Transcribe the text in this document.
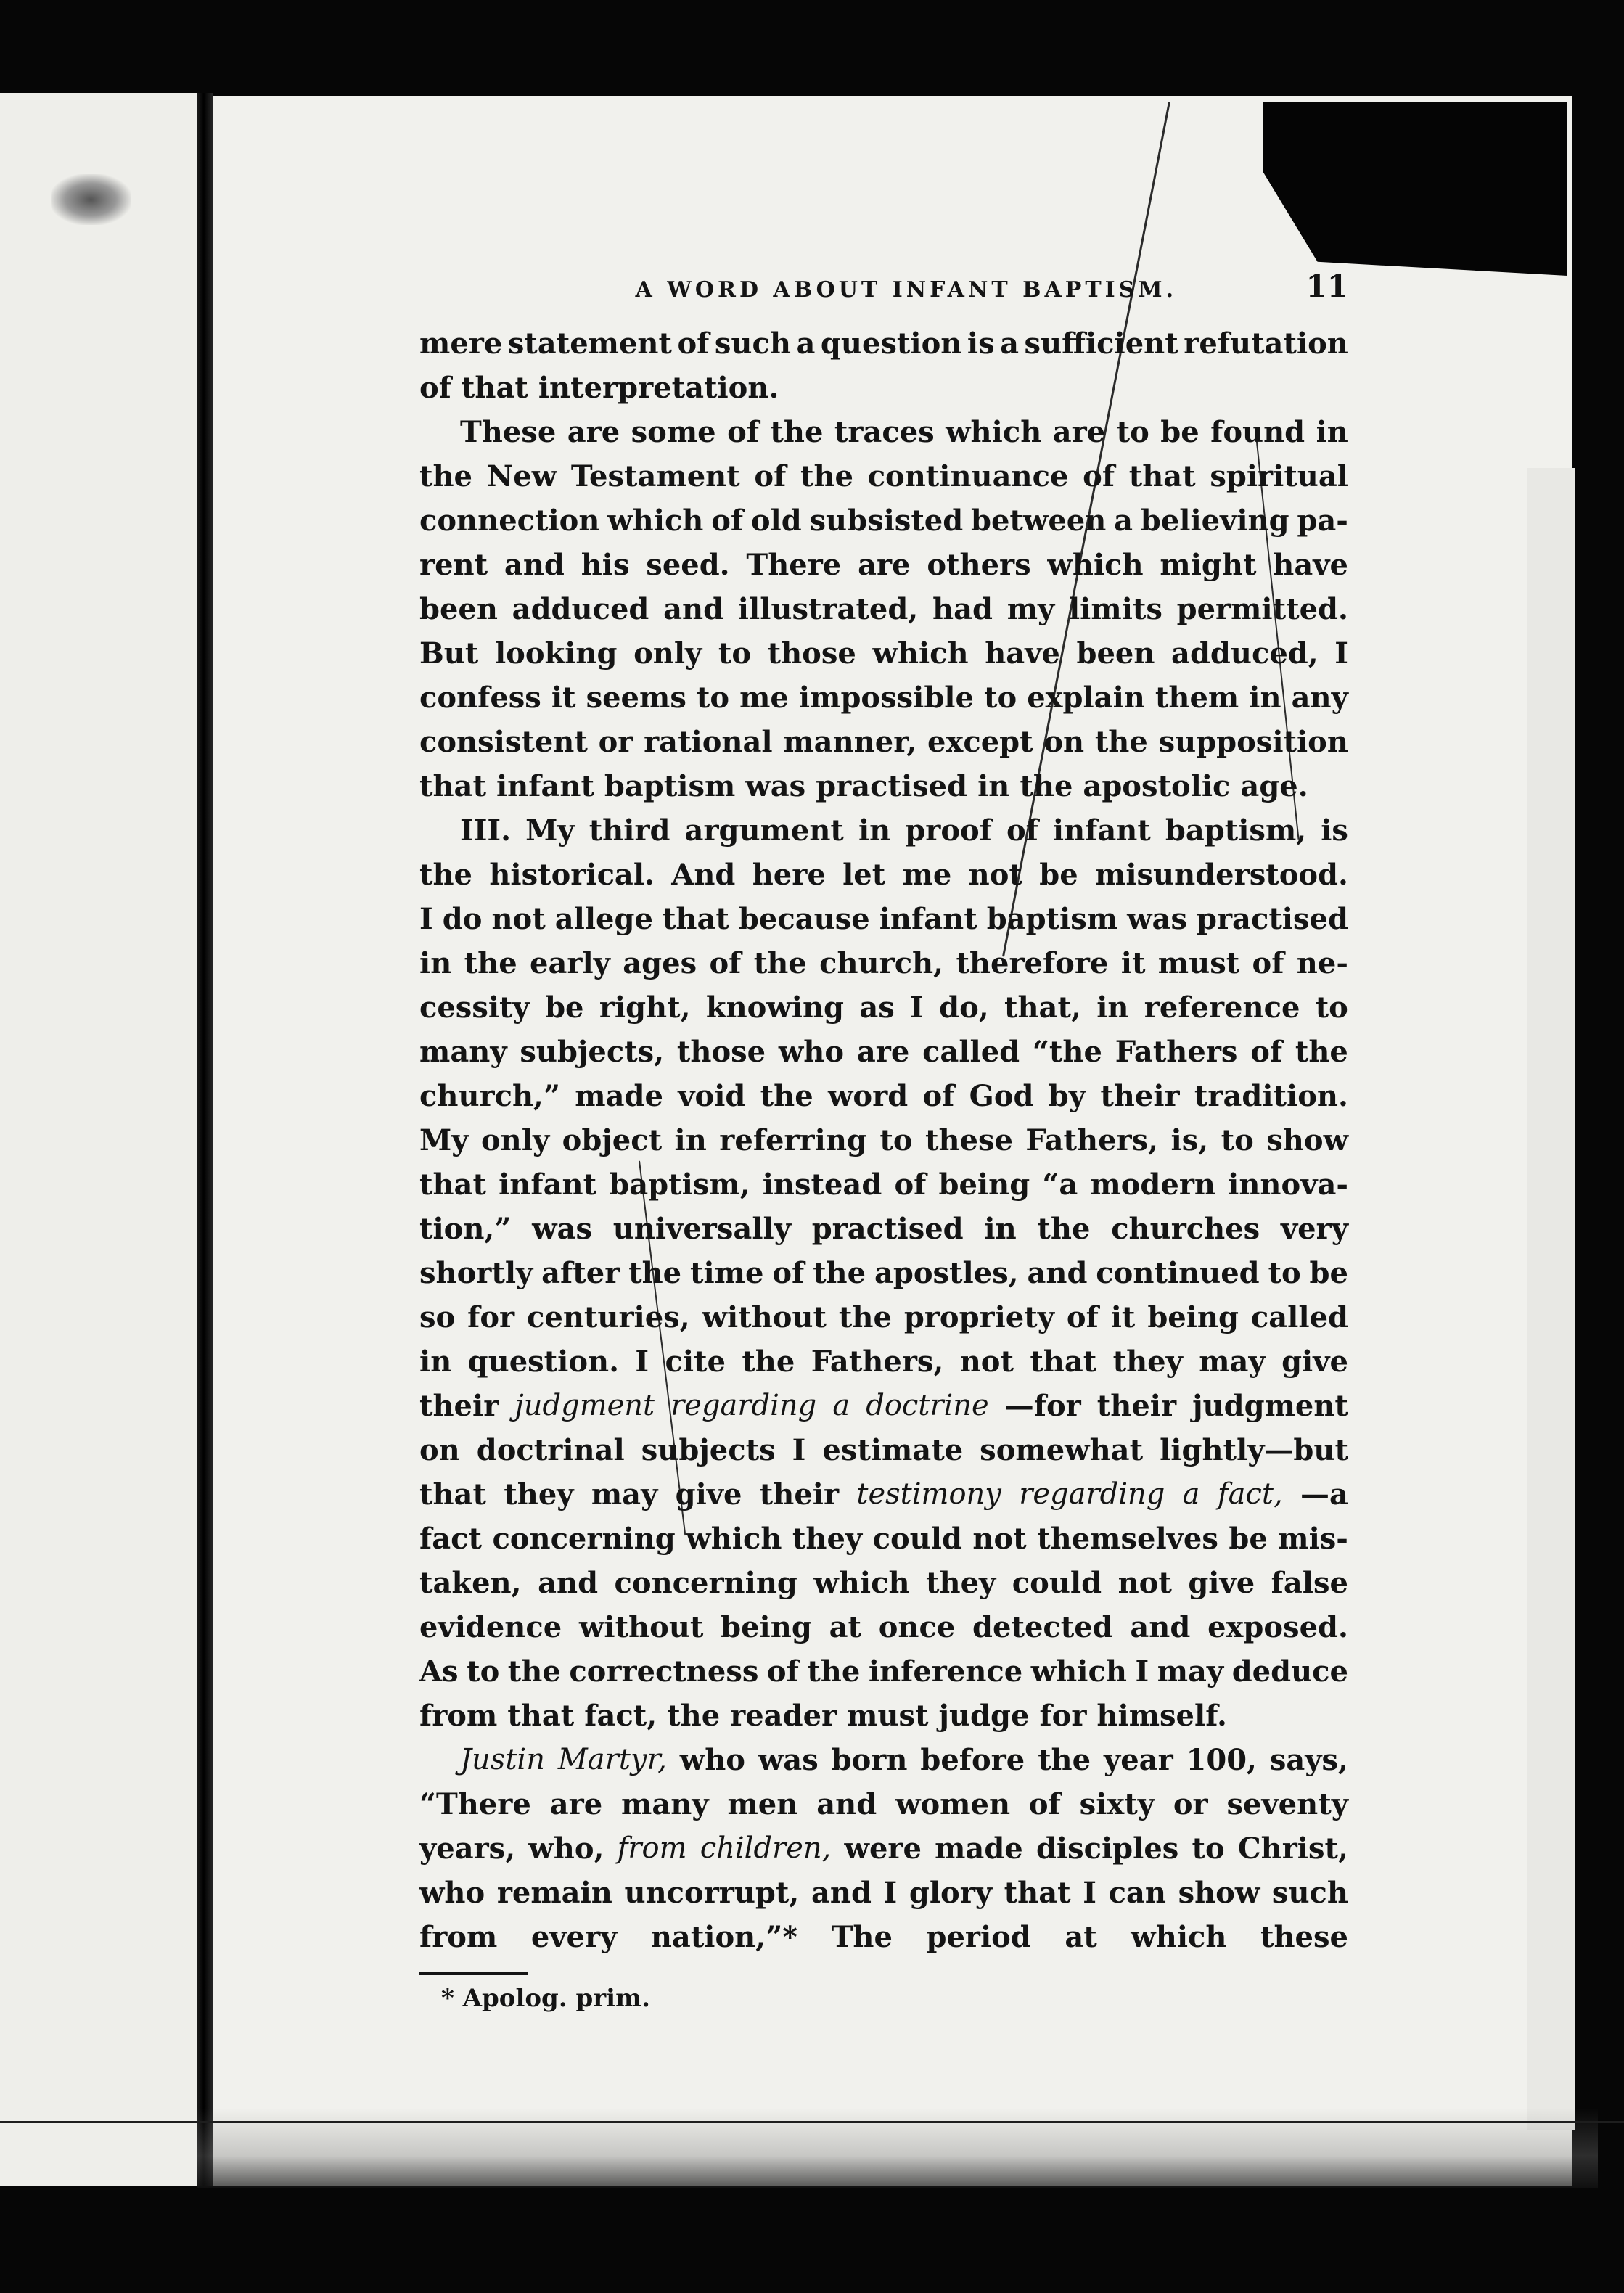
A WORD ABOUT INFANT BAPTISM.	11
mere statement of such a question is a sufficient refutation
of that interpretation.
These are some of the traces which are to be found in
the New Testament of the continuance of that spiritual
connection which of old subsisted between a believing pa-
rent and his seed. There are others which might have
been adduced and illustrated, had my limits permitted.
But looking only to those which have been adduced, I
confess it seems to me impossible to explain them in any
consistent or rational manner, except on the supposition
that infant baptism was practised in the apostolic age.
III. My third argument in proof of infant baptism, is
the historical. And here let me not be misunderstood.
I do not allege that because infant baptism was practised
in the early ages of the church, therefore it must of ne-
cessity be right, knowing as I do, that, in reference to
many subjects, those who are called “the Fathers of the
church,” made void the word of God by their tradition.
My only object in referring to these Fathers, is, to show
that infant baptism, instead of being “a modern innova-
tion,” was universally practised in the churches very
shortly after the time of the apostles, and continued to be
so for centuries, without the propriety of it being called
in question. I cite the Fathers, not that they may give
their judgment regarding a doctrine —for their judgment
on doctrinal subjects I estimate somewhat lightly—but
that they may give their testimony regarding a fact, —a
fact concerning which they could not themselves be mis-
taken, and concerning which they could not give false
evidence without being at once detected and exposed.
As to the correctness of the inference which I may deduce
from that fact, the reader must judge for himself.
Justin Martyr, who was born before the year 100, says,
“There are many men and women of sixty or seventy
years, who, from children, were made disciples to Christ,
who remain uncorrupt, and I glory that I can show such
from every nation,”* The period at which these
* Apolog. prim.
